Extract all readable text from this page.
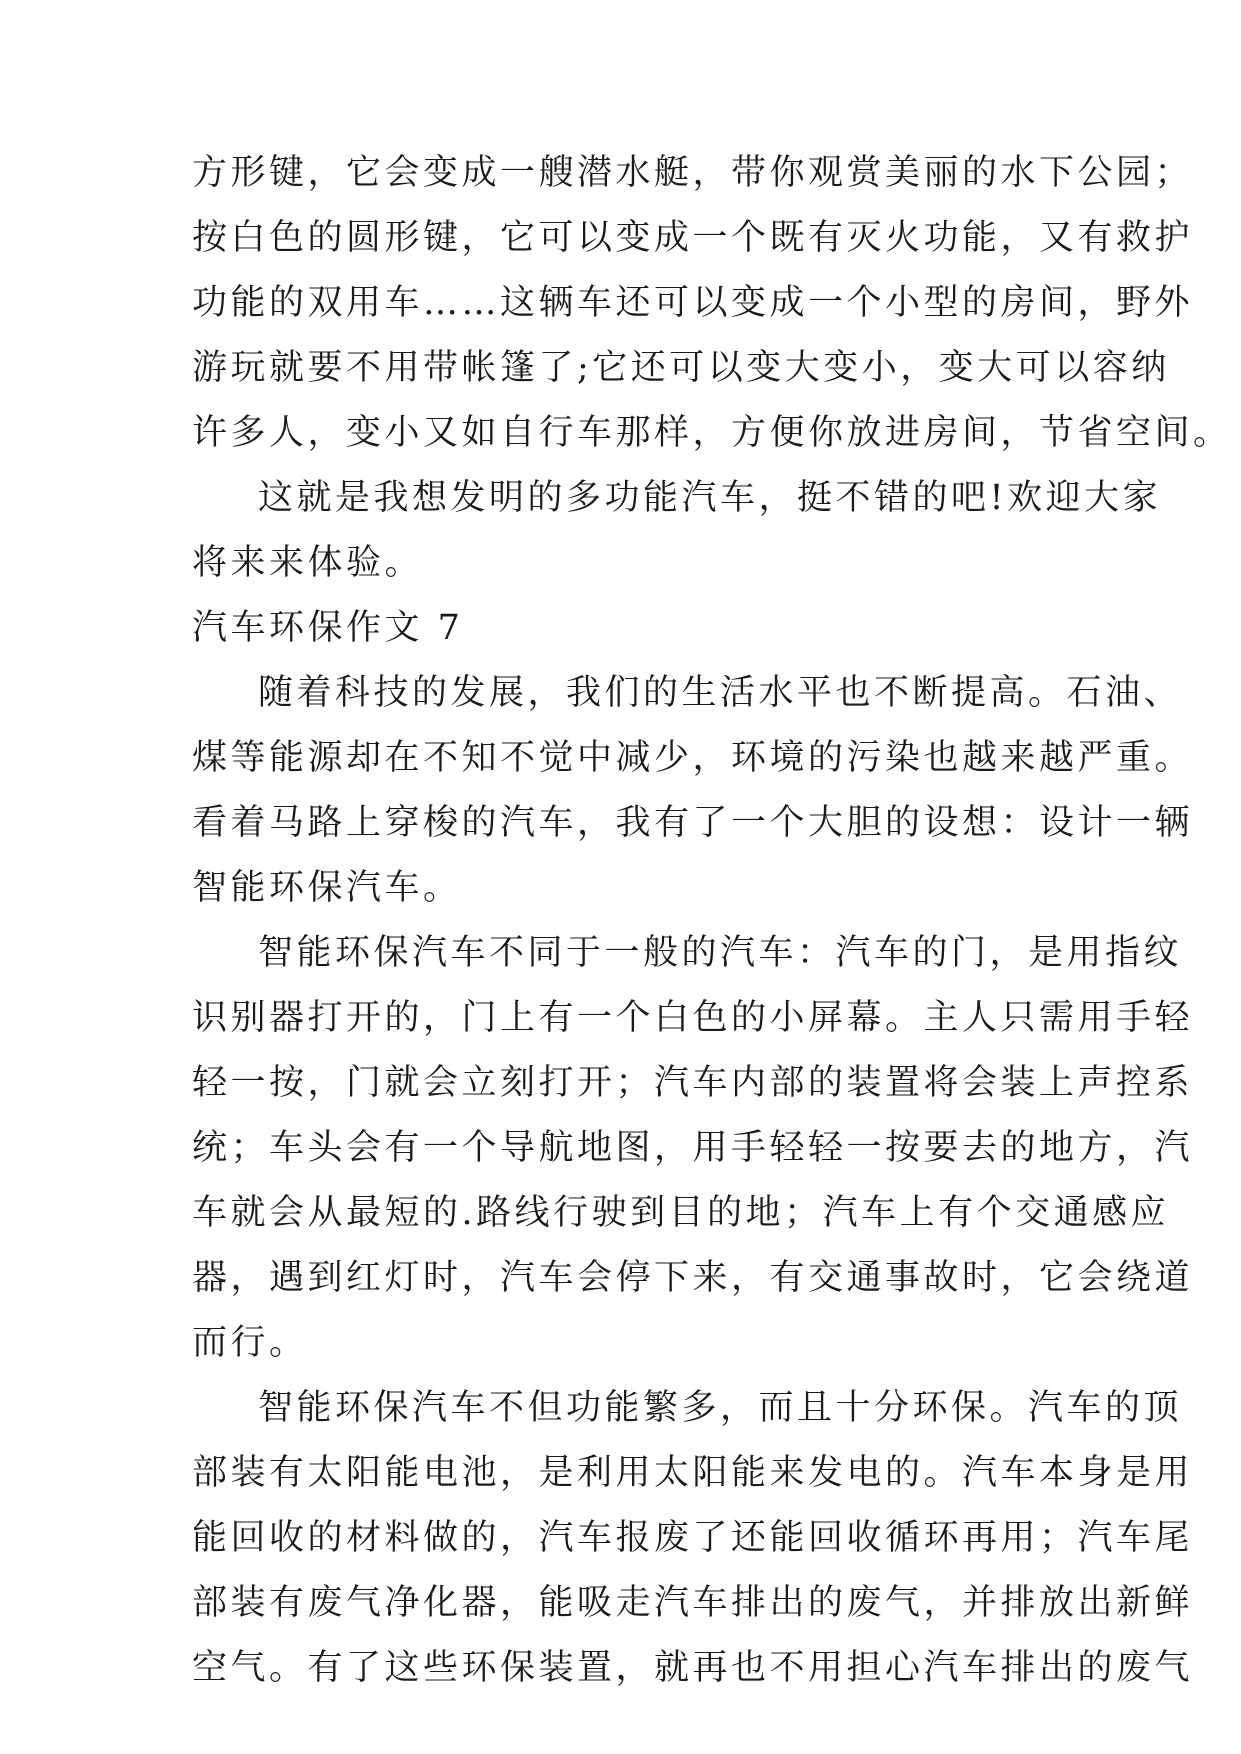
方形键，它会变成一艘潜水艇，带你观赏美丽的水下公园；
按白色的圆形键，它可以变成一个既有灭火功能，又有救护
功能的双用车……这辆车还可以变成一个小型的房间，野外
游玩就要不用带帐篷了;它还可以变大变小，变大可以容纳
许多人，变小又如自行车那样，方便你放进房间，节省空间。
这就是我想发明的多功能汽车，挺不错的吧!欢迎大家
将来来体验。
汽车环保作文 7
随着科技的发展，我们的生活水平也不断提高。石油、
煤等能源却在不知不觉中减少，环境的污染也越来越严重。
看着马路上穿梭的汽车，我有了一个大胆的设想：设计一辆
智能环保汽车。
智能环保汽车不同于一般的汽车：汽车的门，是用指纹
识别器打开的，门上有一个白色的小屏幕。主人只需用手轻
轻一按，门就会立刻打开；汽车内部的装置将会装上声控系
统；车头会有一个导航地图，用手轻轻一按要去的地方，汽
车就会从最短的.路线行驶到目的地；汽车上有个交通感应
器，遇到红灯时，汽车会停下来，有交通事故时，它会绕道
而行。
智能环保汽车不但功能繁多，而且十分环保。汽车的顶
部装有太阳能电池，是利用太阳能来发电的。汽车本身是用
能回收的材料做的，汽车报废了还能回收循环再用；汽车尾
部装有废气净化器，能吸走汽车排出的废气，并排放出新鲜
空气。有了这些环保装置，就再也不用担心汽车排出的废气
